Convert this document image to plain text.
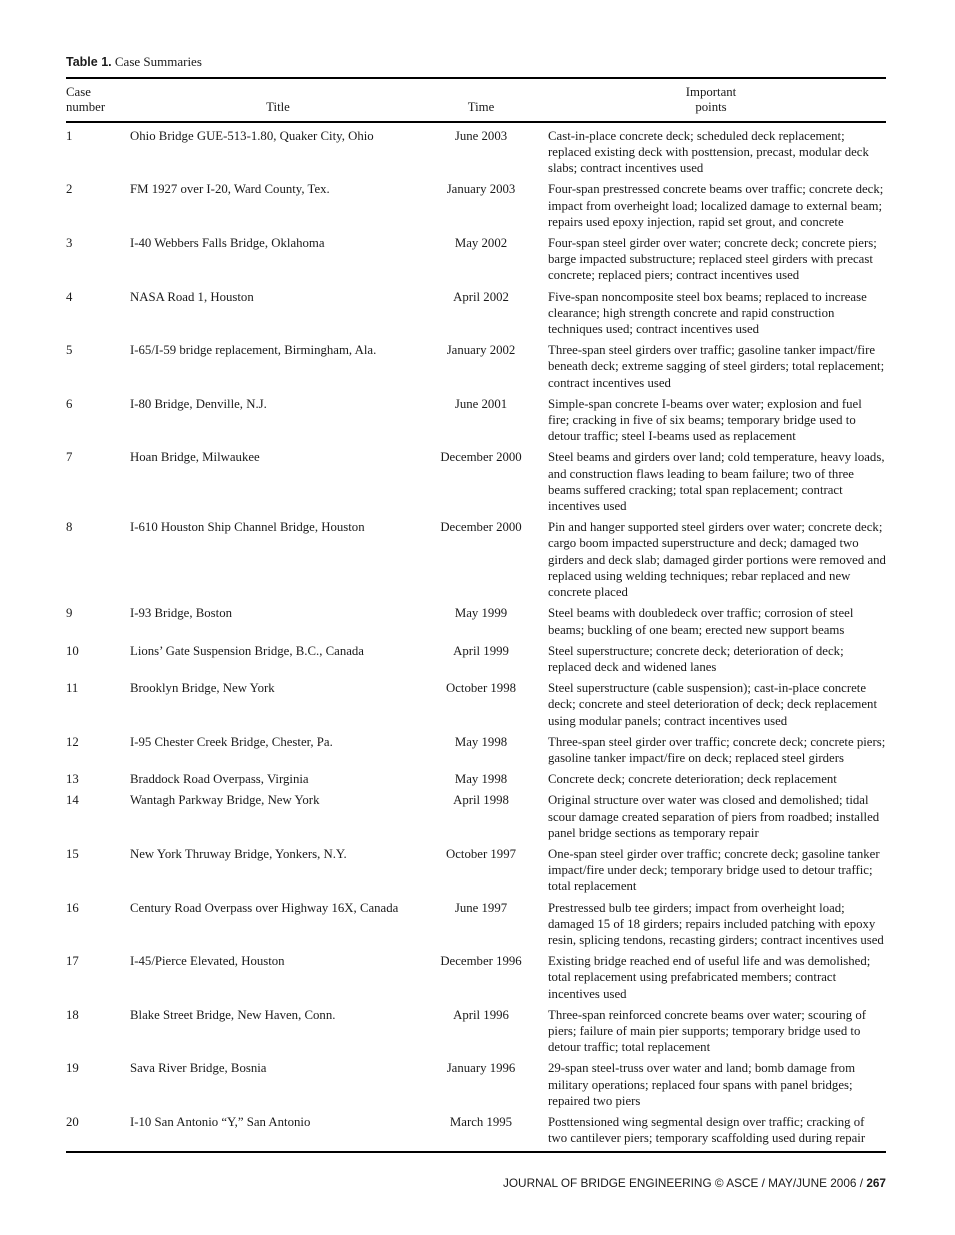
Table 1. Case Summaries
Case
number	Title	Time	Important
points
1	Ohio Bridge GUE-513-1.80, Quaker City, Ohio	June 2003	Cast-in-place concrete deck; scheduled deck replacement; replaced existing deck with posttension, precast, modular deck slabs; contract incentives used
2	FM 1927 over I-20, Ward County, Tex.	January 2003	Four-span prestressed concrete beams over traffic; concrete deck; impact from overheight load; localized damage to external beam; repairs used epoxy injection, rapid set grout, and concrete
3	I-40 Webbers Falls Bridge, Oklahoma	May 2002	Four-span steel girder over water; concrete deck; concrete piers; barge impacted substructure; replaced steel girders with precast concrete; replaced piers; contract incentives used
4	NASA Road 1, Houston	April 2002	Five-span noncomposite steel box beams; replaced to increase clearance; high strength concrete and rapid construction techniques used; contract incentives used
5	I-65/I-59 bridge replacement, Birmingham, Ala.	January 2002	Three-span steel girders over traffic; gasoline tanker impact/fire beneath deck; extreme sagging of steel girders; total replacement; contract incentives used
6	I-80 Bridge, Denville, N.J.	June 2001	Simple-span concrete I-beams over water; explosion and fuel fire; cracking in five of six beams; temporary bridge used to detour traffic; steel I-beams used as replacement
7	Hoan Bridge, Milwaukee	December 2000	Steel beams and girders over land; cold temperature, heavy loads, and construction flaws leading to beam failure; two of three beams suffered cracking; total span replacement; contract incentives used
8	I-610 Houston Ship Channel Bridge, Houston	December 2000	Pin and hanger supported steel girders over water; concrete deck; cargo boom impacted superstructure and deck; damaged two girders and deck slab; damaged girder portions were removed and replaced using welding techniques; rebar replaced and new concrete placed
9	I-93 Bridge, Boston	May 1999	Steel beams with doubledeck over traffic; corrosion of steel beams; buckling of one beam; erected new support beams
10	Lions’ Gate Suspension Bridge, B.C., Canada	April 1999	Steel superstructure; concrete deck; deterioration of deck; replaced deck and widened lanes
11	Brooklyn Bridge, New York	October 1998	Steel superstructure (cable suspension); cast-in-place concrete deck; concrete and steel deterioration of deck; deck replacement using modular panels; contract incentives used
12	I-95 Chester Creek Bridge, Chester, Pa.	May 1998	Three-span steel girder over traffic; concrete deck; concrete piers; gasoline tanker impact/fire on deck; replaced steel girders
13	Braddock Road Overpass, Virginia	May 1998	Concrete deck; concrete deterioration; deck replacement
14	Wantagh Parkway Bridge, New York	April 1998	Original structure over water was closed and demolished; tidal scour damage created separation of piers from roadbed; installed panel bridge sections as temporary repair
15	New York Thruway Bridge, Yonkers, N.Y.	October 1997	One-span steel girder over traffic; concrete deck; gasoline tanker impact/fire under deck; temporary bridge used to detour traffic; total replacement
16	Century Road Overpass over Highway 16X, Canada	June 1997	Prestressed bulb tee girders; impact from overheight load; damaged 15 of 18 girders; repairs included patching with epoxy resin, splicing tendons, recasting girders; contract incentives used
17	I-45/Pierce Elevated, Houston	December 1996	Existing bridge reached end of useful life and was demolished; total replacement using prefabricated members; contract incentives used
18	Blake Street Bridge, New Haven, Conn.	April 1996	Three-span reinforced concrete beams over water; scouring of piers; failure of main pier supports; temporary bridge used to detour traffic; total replacement
19	Sava River Bridge, Bosnia	January 1996	29-span steel-truss over water and land; bomb damage from military operations; replaced four spans with panel bridges; repaired two piers
20	I-10 San Antonio “Y,” San Antonio	March 1995	Posttensioned wing segmental design over traffic; cracking of two cantilever piers; temporary scaffolding used during repair
JOURNAL OF BRIDGE ENGINEERING © ASCE / MAY/JUNE 2006 / 267
